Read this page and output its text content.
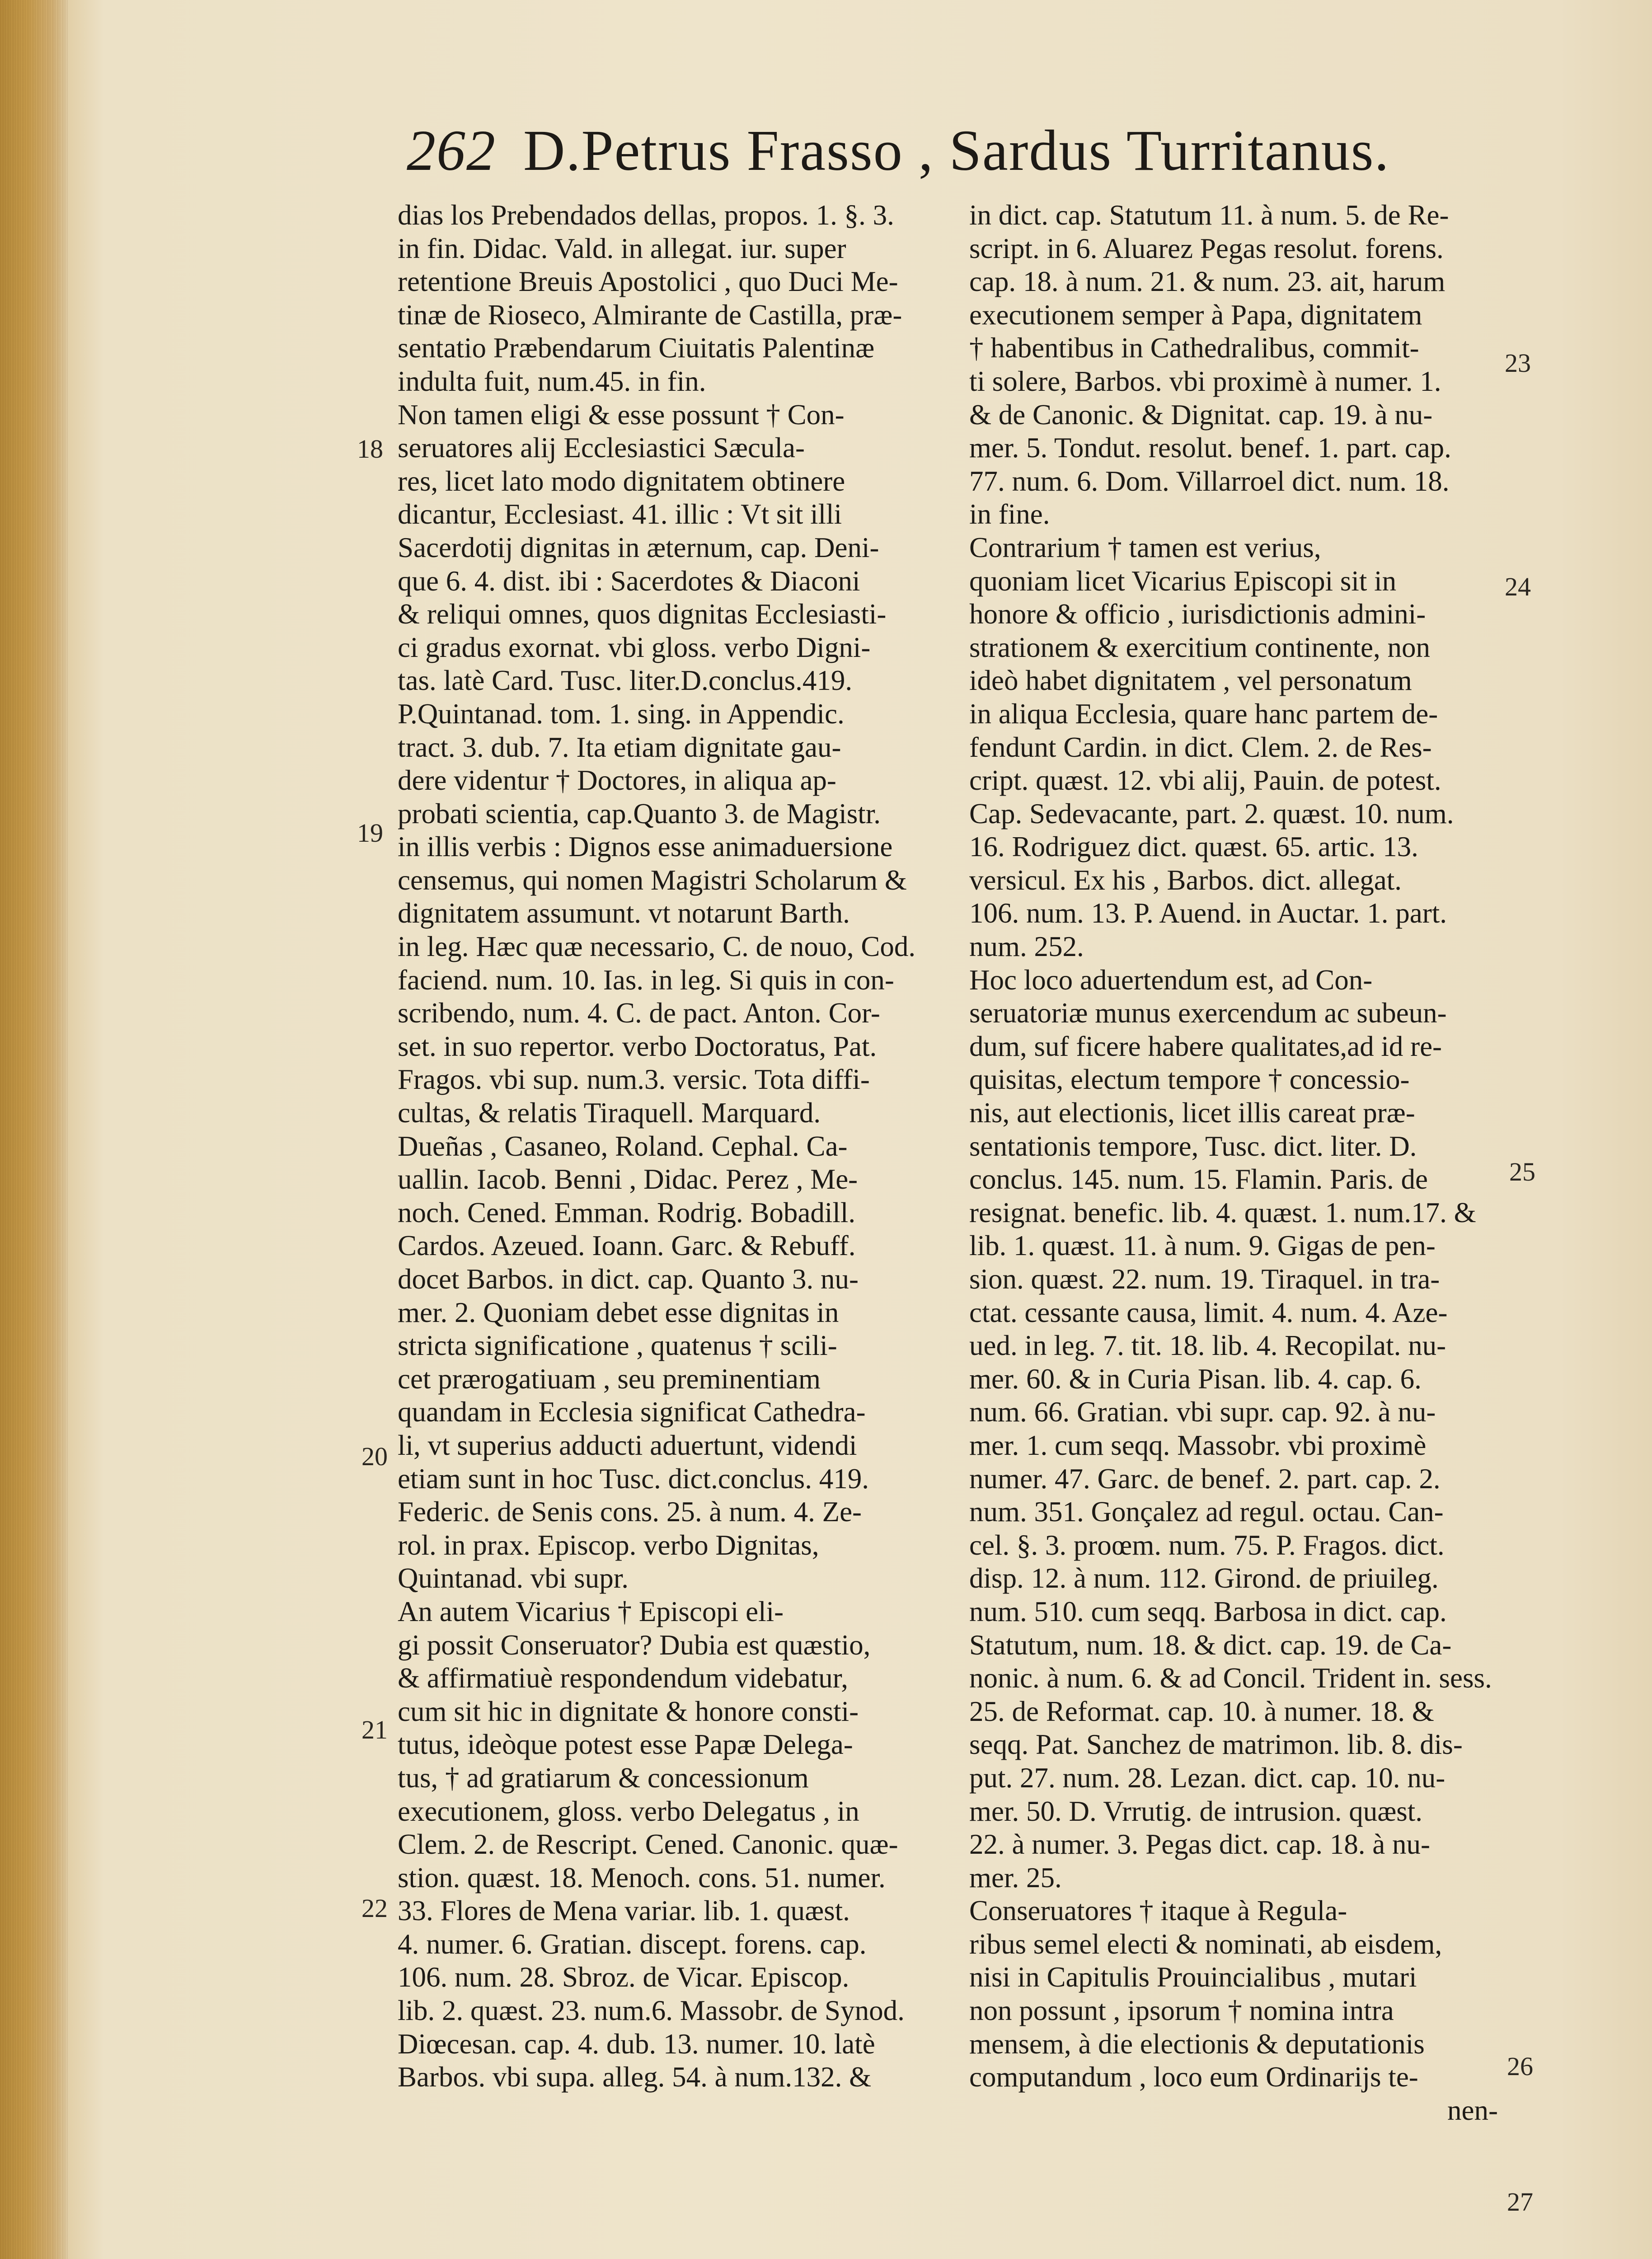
262 D.Petrus Frasso , Sardus Turritanus.
dias los Prebendados dellas, propos. 1. §. 3.
in fin. Didac. Vald. in allegat. iur. super
retentione Breuis Apostolici , quo Duci Me-
tinæ de Rioseco, Almirante de Castilla, præ-
sentatio Præbendarum Ciuitatis Palentinæ
indulta fuit, num.45. in fin.
Non tamen eligi & esse possunt † Con-
seruatores alij Ecclesiastici Sæcula-
res, licet lato modo dignitatem obtinere
dicantur, Ecclesiast. 41. illic : Vt sit illi
Sacerdotij dignitas in æternum, cap. Deni-
que 6. 4. dist. ibi : Sacerdotes & Diaconi
& reliqui omnes, quos dignitas Ecclesiasti-
ci gradus exornat. vbi gloss. verbo Digni-
tas. latè Card. Tusc. liter.D.conclus.419.
P.Quintanad. tom. 1. sing. in Appendic.
tract. 3. dub. 7. Ita etiam dignitate gau-
dere videntur † Doctores, in aliqua ap-
probati scientia, cap.Quanto 3. de Magistr.
in illis verbis : Dignos esse animaduersione
censemus, qui nomen Magistri Scholarum &
dignitatem assumunt. vt notarunt Barth.
in leg. Hæc quæ necessario, C. de nouo, Cod.
faciend. num. 10. Ias. in leg. Si quis in con-
scribendo, num. 4. C. de pact. Anton. Cor-
set. in suo repertor. verbo Doctoratus, Pat.
Fragos. vbi sup. num.3. versic. Tota diffi-
cultas, & relatis Tiraquell. Marquard.
Dueñas , Casaneo, Roland. Cephal. Ca-
uallin. Iacob. Benni , Didac. Perez , Me-
noch. Cened. Emman. Rodrig. Bobadill.
Cardos. Azeued. Ioann. Garc. & Rebuff.
docet Barbos. in dict. cap. Quanto 3. nu-
mer. 2. Quoniam debet esse dignitas in
stricta significatione , quatenus † scili-
cet prærogatiuam , seu preminentiam
quandam in Ecclesia significat Cathedra-
li, vt superius adducti aduertunt, videndi
etiam sunt in hoc Tusc. dict.conclus. 419.
Federic. de Senis cons. 25. à num. 4. Ze-
rol. in prax. Episcop. verbo Dignitas,
Quintanad. vbi supr.
An autem Vicarius † Episcopi eli-
gi possit Conseruator? Dubia est quæstio,
& affirmatiuè respondendum videbatur,
cum sit hic in dignitate & honore consti-
tutus, ideòque potest esse Papæ Delega-
tus, † ad gratiarum & concessionum
executionem, gloss. verbo Delegatus , in
Clem. 2. de Rescript. Cened. Canonic. quæ-
stion. quæst. 18. Menoch. cons. 51. numer.
33. Flores de Mena variar. lib. 1. quæst.
4. numer. 6. Gratian. discept. forens. cap.
106. num. 28. Sbroz. de Vicar. Episcop.
lib. 2. quæst. 23. num.6. Massobr. de Synod.
Diœcesan. cap. 4. dub. 13. numer. 10. latè
Barbos. vbi supa. alleg. 54. à num.132. &
in dict. cap. Statutum 11. à num. 5. de Re-
script. in 6. Aluarez Pegas resolut. forens.
cap. 18. à num. 21. & num. 23. ait, harum
executionem semper à Papa, dignitatem
† habentibus in Cathedralibus, commit-
ti solere, Barbos. vbi proximè à numer. 1.
& de Canonic. & Dignitat. cap. 19. à nu-
mer. 5. Tondut. resolut. benef. 1. part. cap.
77. num. 6. Dom. Villarroel dict. num. 18.
in fine.
Contrarium † tamen est verius,
quoniam licet Vicarius Episcopi sit in
honore & officio , iurisdictionis admini-
strationem & exercitium continente, non
ideò habet dignitatem , vel personatum
in aliqua Ecclesia, quare hanc partem de-
fendunt Cardin. in dict. Clem. 2. de Res-
cript. quæst. 12. vbi alij, Pauin. de potest.
Cap. Sedevacante, part. 2. quæst. 10. num.
16. Rodriguez dict. quæst. 65. artic. 13.
versicul. Ex his , Barbos. dict. allegat.
106. num. 13. P. Auend. in Auctar. 1. part.
num. 252.
Hoc loco aduertendum est, ad Con-
seruatoriæ munus exercendum ac subeun-
dum, suf ficere habere qualitates,ad id re-
quisitas, electum tempore † concessio-
nis, aut electionis, licet illis careat præ-
sentationis tempore, Tusc. dict. liter. D.
conclus. 145. num. 15. Flamin. Paris. de
resignat. benefic. lib. 4. quæst. 1. num.17. &
lib. 1. quæst. 11. à num. 9. Gigas de pen-
sion. quæst. 22. num. 19. Tiraquel. in tra-
ctat. cessante causa, limit. 4. num. 4. Aze-
ued. in leg. 7. tit. 18. lib. 4. Recopilat. nu-
mer. 60. & in Curia Pisan. lib. 4. cap. 6.
num. 66. Gratian. vbi supr. cap. 92. à nu-
mer. 1. cum seqq. Massobr. vbi proximè
numer. 47. Garc. de benef. 2. part. cap. 2.
num. 351. Gonçalez ad regul. octau. Can-
cel. §. 3. proœm. num. 75. P. Fragos. dict.
disp. 12. à num. 112. Girond. de priuileg.
num. 510. cum seqq. Barbosa in dict. cap.
Statutum, num. 18. & dict. cap. 19. de Ca-
nonic. à num. 6. & ad Concil. Trident in. sess.
25. de Reformat. cap. 10. à numer. 18. &
seqq. Pat. Sanchez de matrimon. lib. 8. dis-
put. 27. num. 28. Lezan. dict. cap. 10. nu-
mer. 50. D. Vrrutig. de intrusion. quæst.
22. à numer. 3. Pegas dict. cap. 18. à nu-
mer. 25.
Conseruatores † itaque à Regula-
ribus semel electi & nominati, ab eisdem,
nisi in Capitulis Prouincialibus , mutari
non possunt , ipsorum † nomina intra
mensem, à die electionis & deputationis
computandum , loco eum Ordinarijs te-
nen-
18
19
20
21
22
23
24
25
26
27
